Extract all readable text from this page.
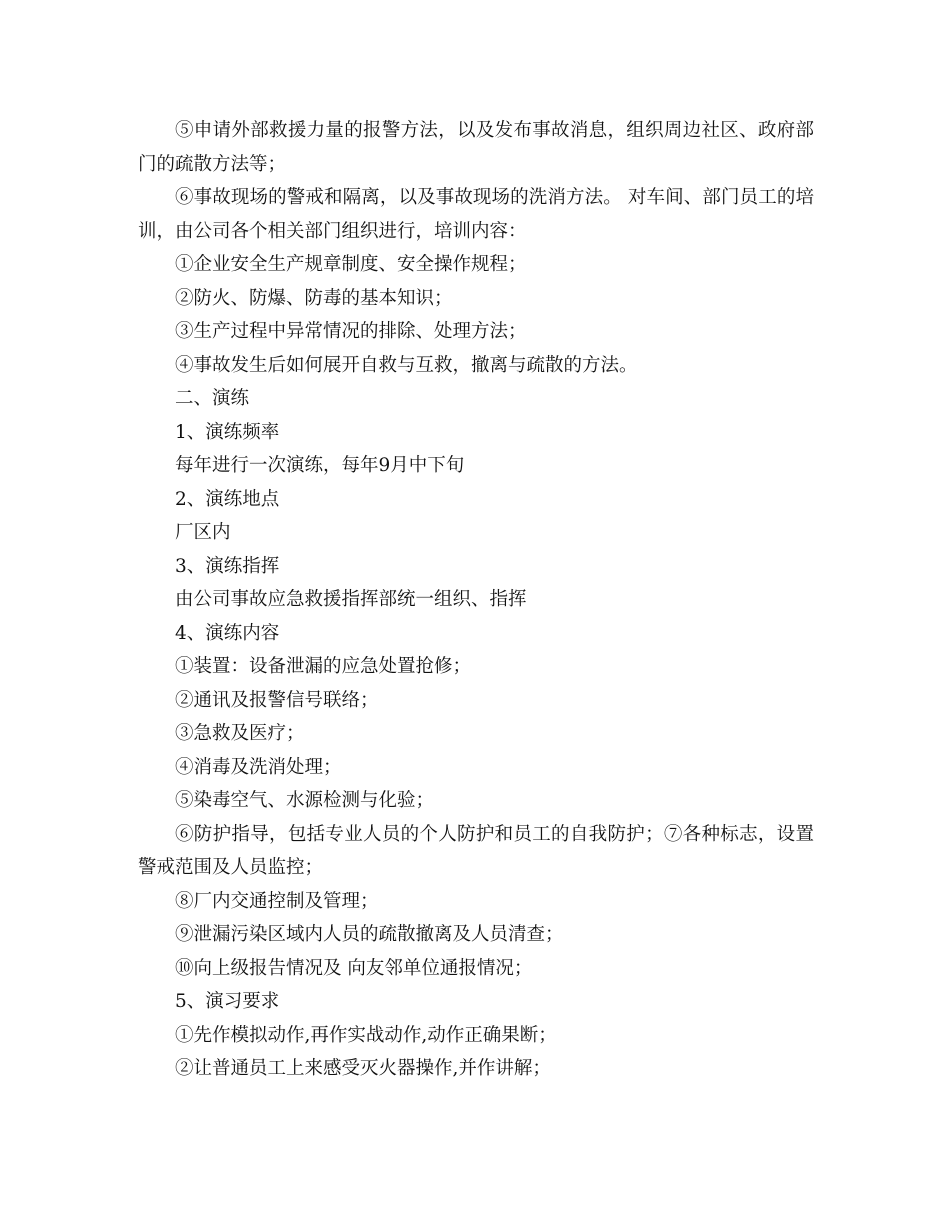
⑤申请外部救援力量的报警方法，以及发布事故消息，组织周边社区、政府部门的疏散方法等；

⑥事故现场的警戒和隔离，以及事故现场的洗消方法。 对车间、部门员工的培训，由公司各个相关部门组织进行，培训内容：

①企业安全生产规章制度、安全操作规程；

②防火、防爆、防毒的基本知识；

③生产过程中异常情况的排除、处理方法；

④事故发生后如何展开自救与互救，撤离与疏散的方法。

二、演练

1、演练频率

每年进行一次演练，每年9月中下旬

2、演练地点

厂区内

3、演练指挥

由公司事故应急救援指挥部统一组织、指挥

4、演练内容

①装置：设备泄漏的应急处置抢修；

②通讯及报警信号联络；

③急救及医疗；

④消毒及洗消处理；

⑤染毒空气、水源检测与化验；

⑥防护指导，包括专业人员的个人防护和员工的自我防护；⑦各种标志，设置警戒范围及人员监控；

⑧厂内交通控制及管理；

⑨泄漏污染区域内人员的疏散撤离及人员清查；

⑩向上级报告情况及 向友邻单位通报情况；

5、演习要求

①先作模拟动作,再作实战动作,动作正确果断；

②让普通员工上来感受灭火器操作,并作讲解；
